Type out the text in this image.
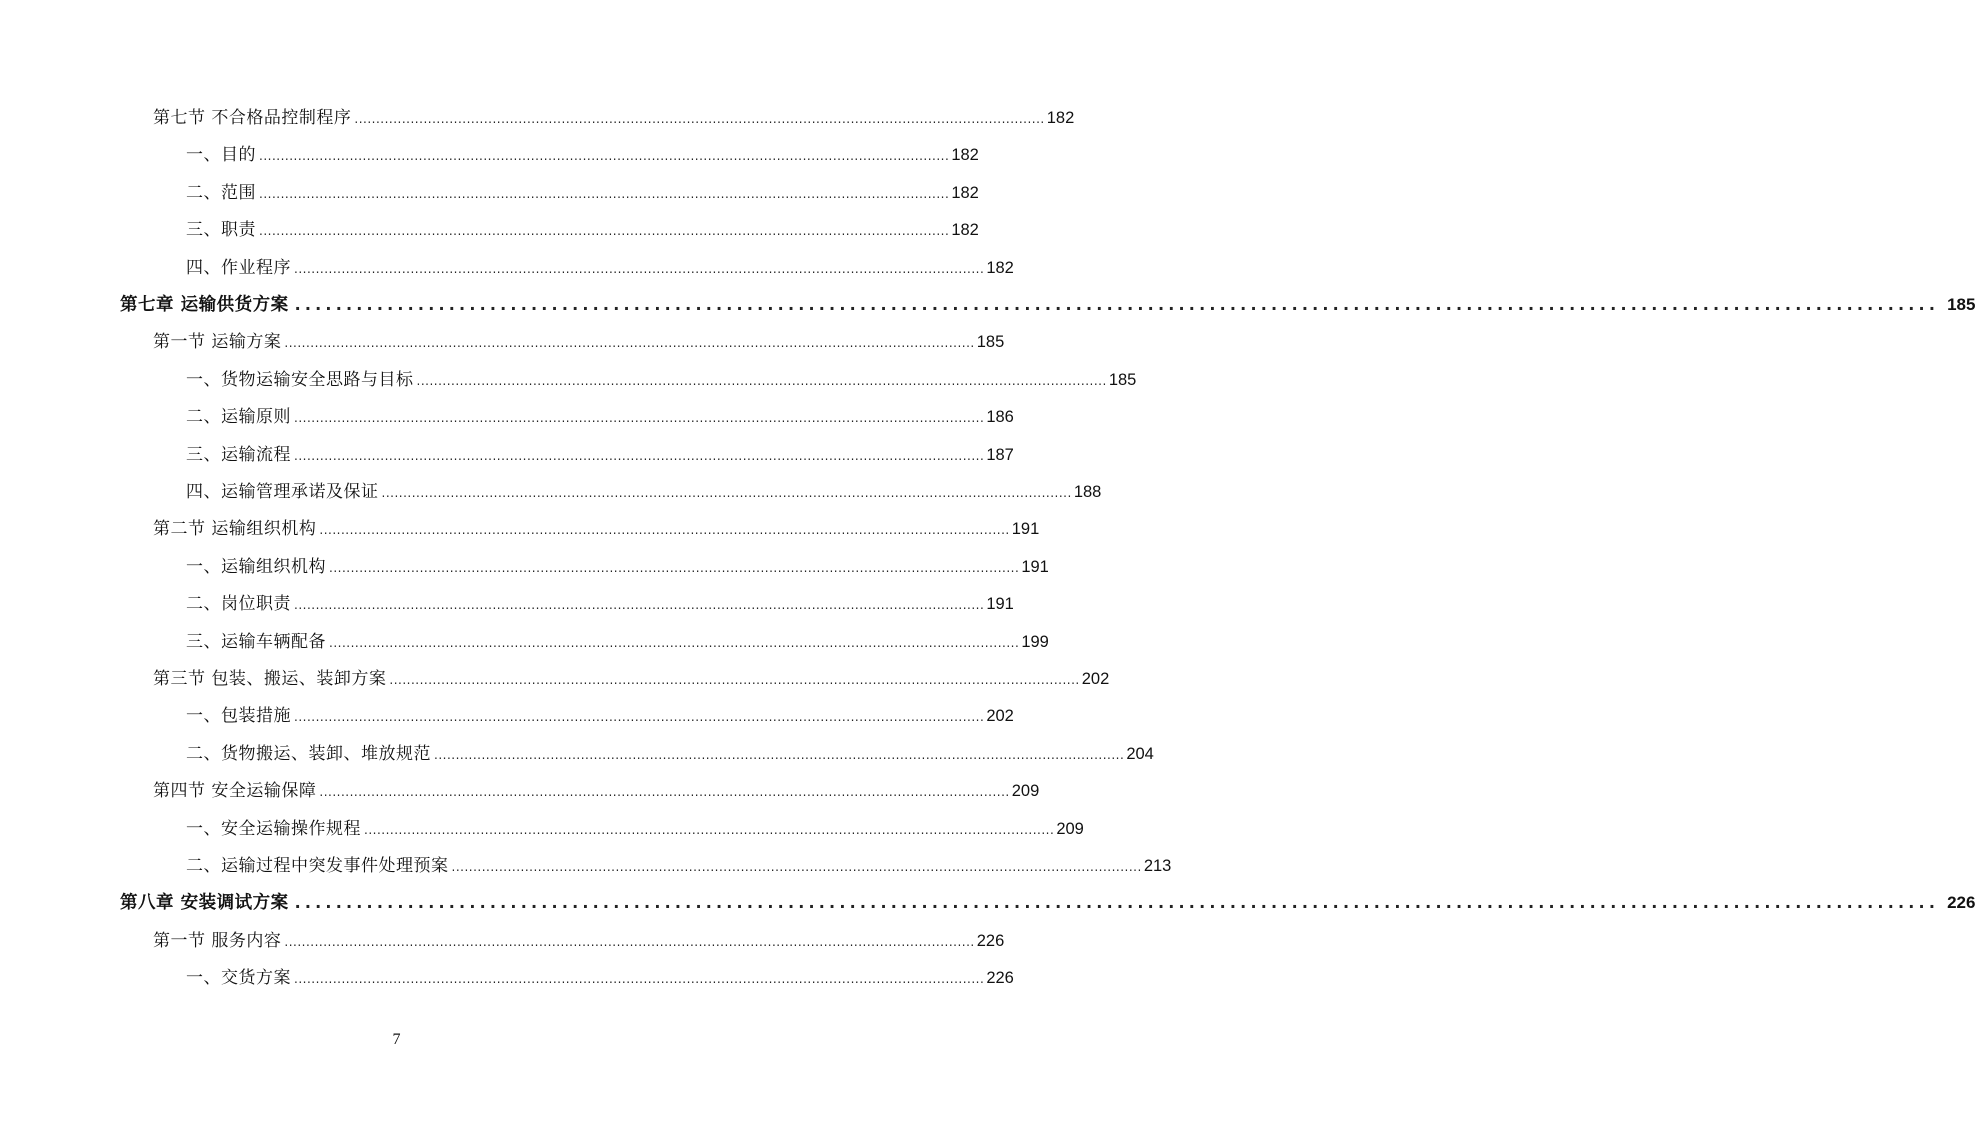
第七节 不合格品控制程序 ................................................................................................................................................................ 182
一、目的 ................................................................................................................................................................ 182
二、范围 ................................................................................................................................................................ 182
三、职责 ................................................................................................................................................................ 182
四、作业程序 ................................................................................................................................................................ 182
第七章 运输供货方案 ................................................................................................................................................................ 185
第一节 运输方案 ................................................................................................................................................................ 185
一、货物运输安全思路与目标 ................................................................................................................................................................ 185
二、运输原则 ................................................................................................................................................................ 186
三、运输流程 ................................................................................................................................................................ 187
四、运输管理承诺及保证 ................................................................................................................................................................ 188
第二节 运输组织机构 ................................................................................................................................................................ 191
一、运输组织机构 ................................................................................................................................................................ 191
二、岗位职责 ................................................................................................................................................................ 191
三、运输车辆配备 ................................................................................................................................................................ 199
第三节 包装、搬运、装卸方案 ................................................................................................................................................................ 202
一、包装措施 ................................................................................................................................................................ 202
二、货物搬运、装卸、堆放规范 ................................................................................................................................................................ 204
第四节 安全运输保障 ................................................................................................................................................................ 209
一、安全运输操作规程 ................................................................................................................................................................ 209
二、运输过程中突发事件处理预案 ................................................................................................................................................................ 213
第八章 安装调试方案 ................................................................................................................................................................ 226
第一节 服务内容 ................................................................................................................................................................ 226
一、交货方案 ................................................................................................................................................................ 226
7
